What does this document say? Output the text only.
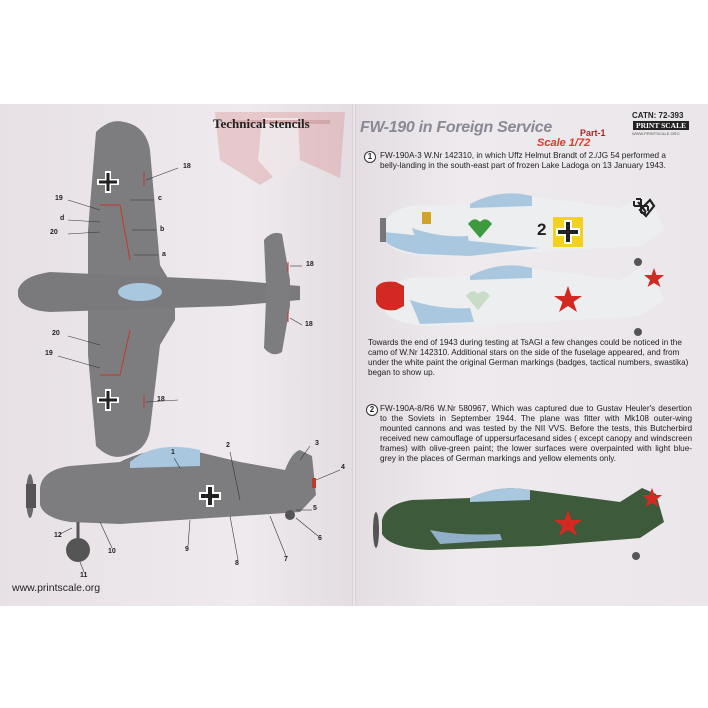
18
c
19
d
20	b
a
18
18
20
19
18
1
2	3
4
5
6
7
8
9
10
11
12
Technical stencils
www.printscale.org
FW-190 in Foreign Service	Part-1
Scale 1/72
CATN: 72-393
PRINT SCALE
WWW.PRINTSCALE.ORG
1 FW-190A-3 W.Nr 142310, in which Uffz Helmut Brandt of 2./JG 54 performed a belly-landing in the south-east part of frozen Lake Ladoga on 13 January 1943.
2
Towards the end of 1943 during testing at TsAGI a few changes could be noticed in the camo of W.Nr 142310. Additional stars on the side of the fuselage appeared, and from under the white paint the original German markings (badges, tactical numbers, swastika) began to show up.
2 FW-190A-8/R6 W.Nr 580967, Which was captured due to Gustav Heuler's desertion to the Soviets in September 1944. The plane was fitter with Mk108 outer-wing mounted cannons and was tested by the NII VVS. Before the tests, this Butcherbird received new camouflage of uppersurfacesand sides ( except canopy and windscreen frames) with olive-green paint; the lower surfaces were overpainted with light blue-grey in the places of German markings and yellow elements only.
